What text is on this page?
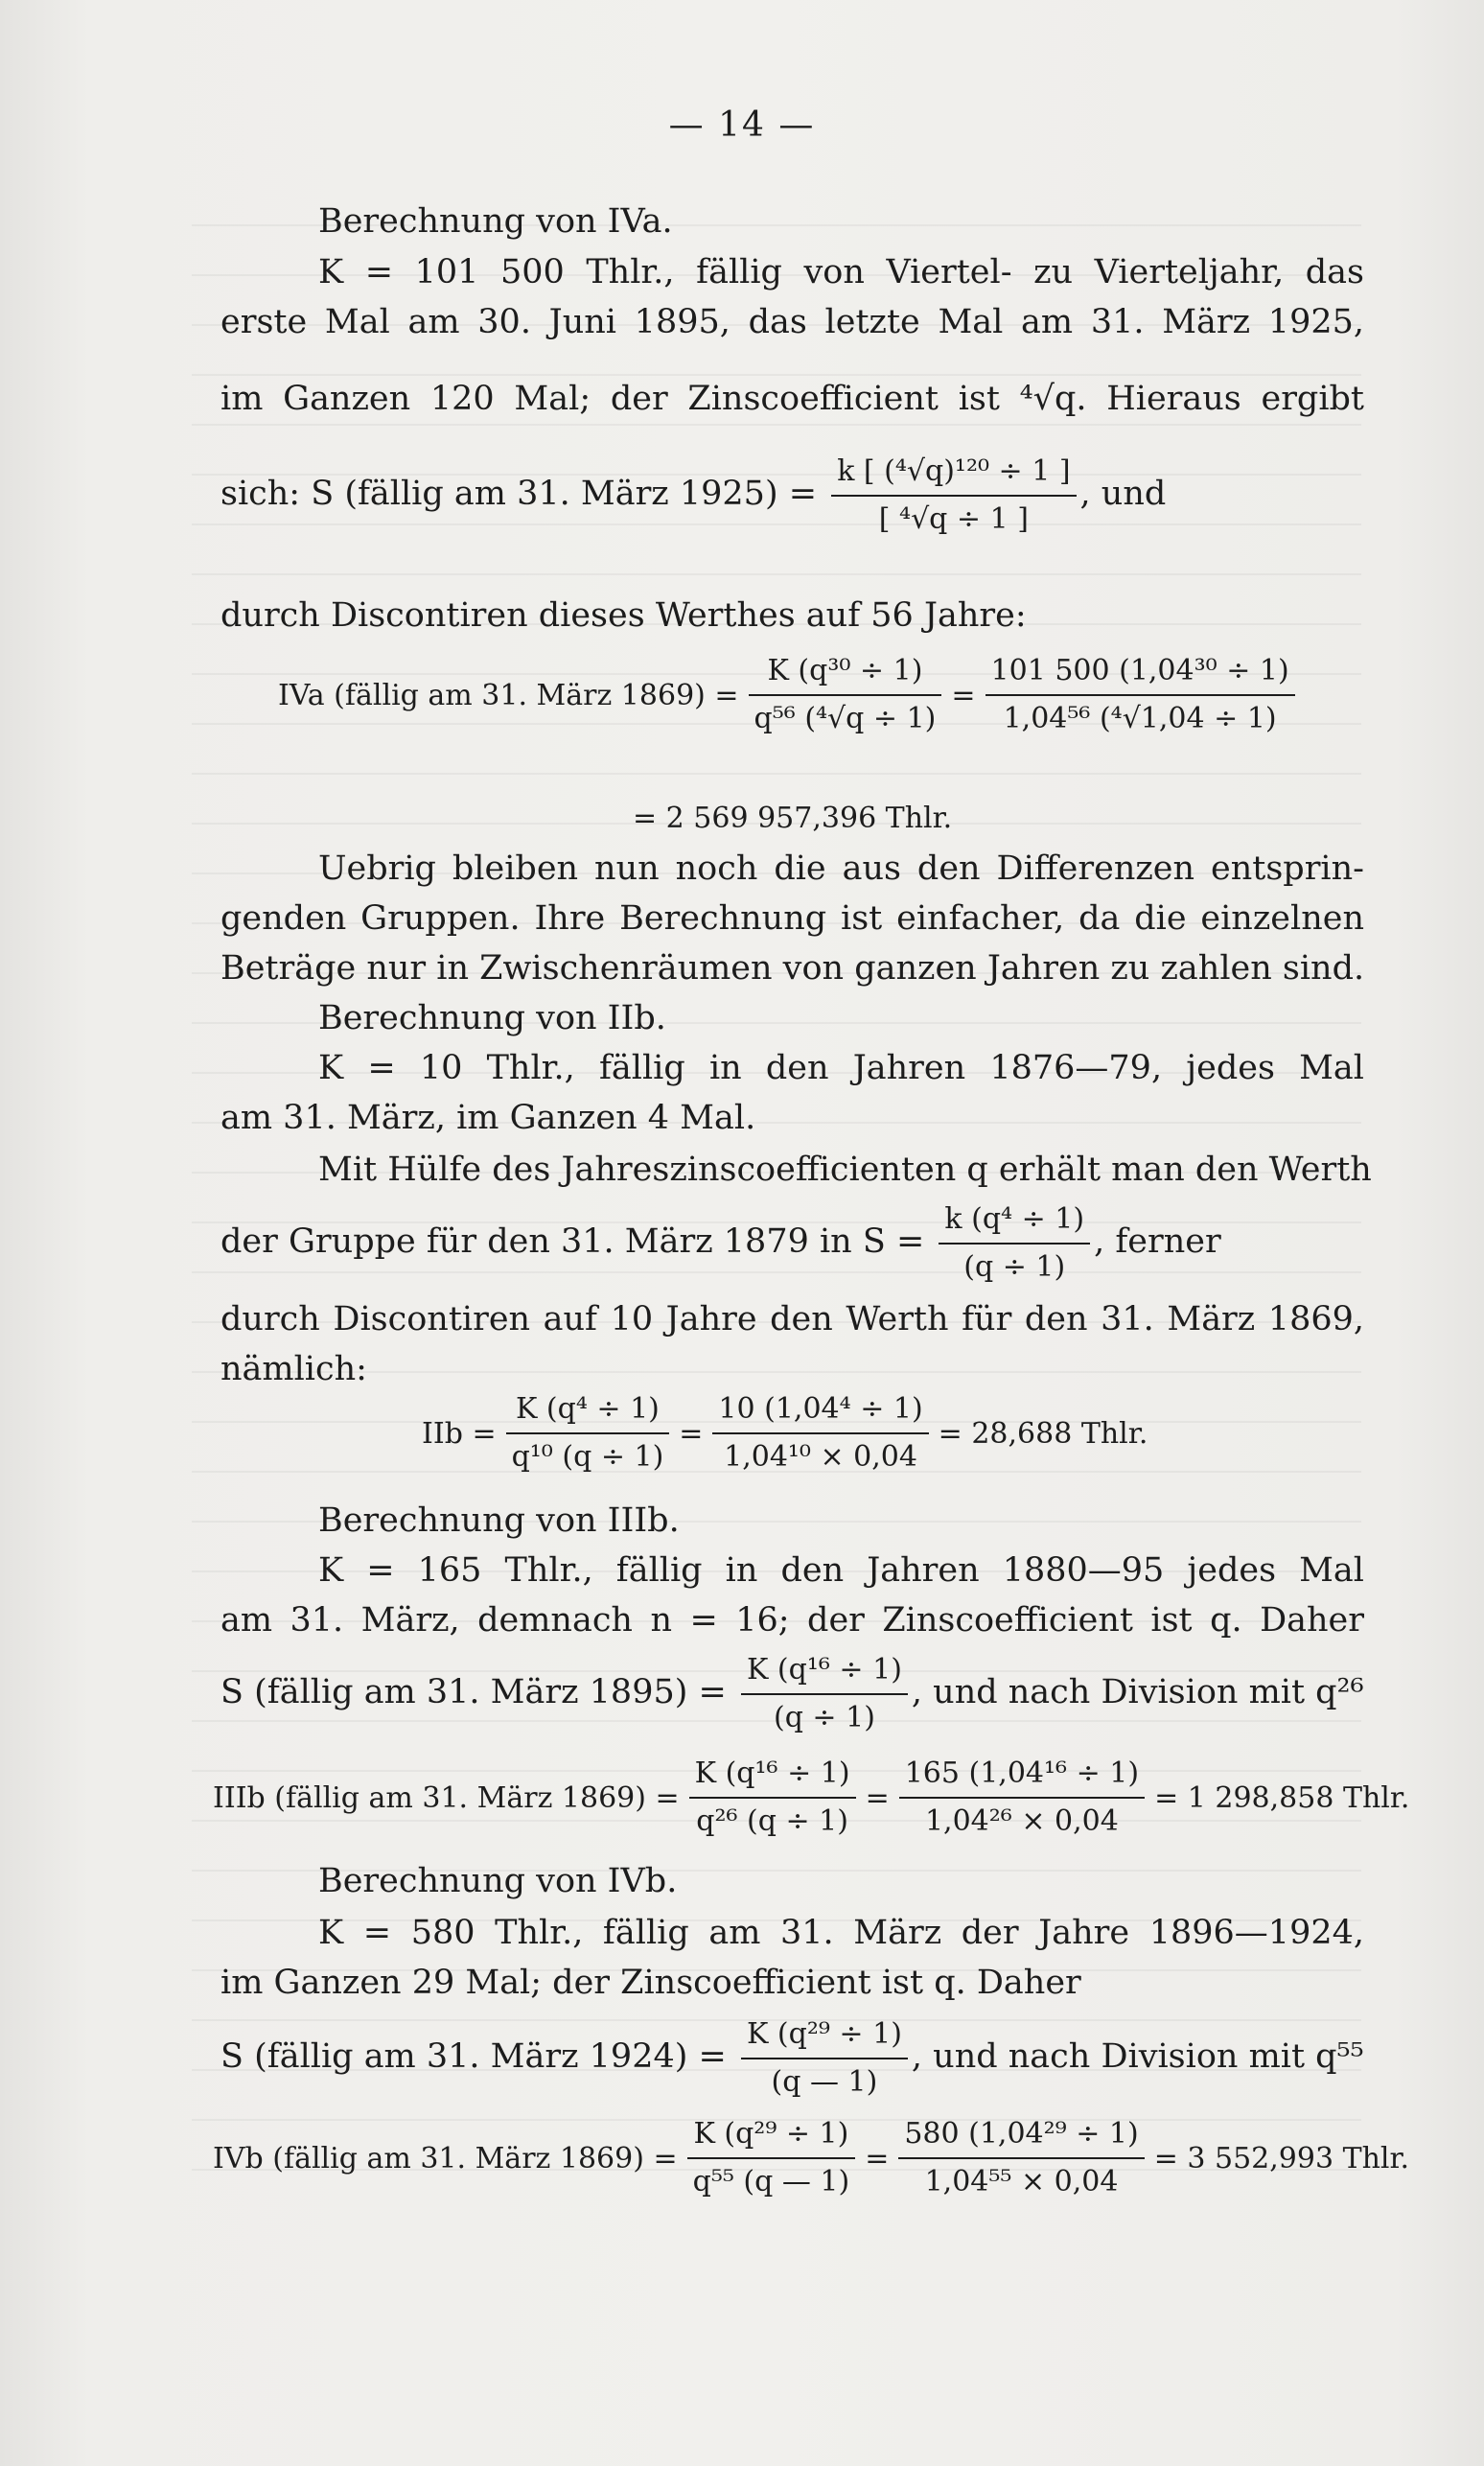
— 14 —
Berechnung von IVa.
K = 101 500 Thlr., fällig von Viertel- zu Vierteljahr, das
erste Mal am 30. Juni 1895, das letzte Mal am 31. März 1925,
im Ganzen 120 Mal; der Zinscoefficient ist ⁴√q. Hieraus ergibt
sich: S (fällig am 31. März $1925) = \frac{\text{k [ (⁴√q)¹²⁰ ÷ 1 ]}}{\text{[ ⁴√q ÷ 1 ]}}$ , und
durch Discontiren dieses Werthes auf 56 Jahre:
IVa (fällig am 31. März $1869) = \frac{\text{K (q³⁰ ÷ 1)}}{\text{q⁵⁶ (⁴√q ÷ 1)}} = \frac{\text{101 500 (1,04³⁰ ÷ 1)}}{\text{1,04⁵⁶ (⁴√1,04 ÷ 1)}}$
= 2 569 957,396 Thlr.
Uebrig bleiben nun noch die aus den Differenzen entsprin-
genden Gruppen. Ihre Berechnung ist einfacher, da die einzelnen
Beträge nur in Zwischenräumen von ganzen Jahren zu zahlen sind.
Berechnung von IIb.
K = 10 Thlr., fällig in den Jahren 1876—79, jedes Mal
am 31. März, im Ganzen 4 Mal.
Mit Hülfe des Jahreszinscoefficienten q erhält man den Werth
der Gruppe für den 31. März 1879 in $S = \frac{\text{k (q⁴ ÷ 1)}}{(q \div 1)}$ , ferner
durch Discontiren auf 10 Jahre den Werth für den 31. März 1869,
nämlich:
IIb = $\frac{\text{K (q⁴ ÷ 1)}}{\text{q¹⁰ (q ÷ 1)}} = \frac{\text{10 (1,04⁴ ÷ 1)}}{\text{1,04¹⁰ × 0,04}} = 28,688$ Thlr.
Berechnung von IIIb.
K = 165 Thlr., fällig in den Jahren 1880—95 jedes Mal
am 31. März, demnach n = 16; der Zinscoefficient ist q. Daher
S (fällig am 31. März $1895) = \frac{\text{K (q¹⁶ ÷ 1)}}{(q \div 1)}$ , und nach Division mit q²⁶
IIIb (fällig am 31. März $1869) = \frac{\text{K (q¹⁶ ÷ 1)}}{\text{q²⁶ (q ÷ 1)}} = \frac{\text{165 (1,04¹⁶ ÷ 1)}}{\text{1,04²⁶ × 0,04}} = 1$ 298,858 Thlr.
Berechnung von IVb.
K = 580 Thlr., fällig am 31. März der Jahre 1896—1924,
im Ganzen 29 Mal; der Zinscoefficient ist q. Daher
S (fällig am 31. März $1924) = \frac{\text{K (q²⁹ ÷ 1)}}{(q — 1)}$ , und nach Division mit q⁵⁵
IVb (fällig am 31. März $1869) = \frac{\text{K (q²⁹ ÷ 1)}}{\text{q⁵⁵ (q — 1)}} = \frac{\text{580 (1,04²⁹ ÷ 1)}}{\text{1,04⁵⁵ × 0,04}} = 3$ 552,993 Thlr.
